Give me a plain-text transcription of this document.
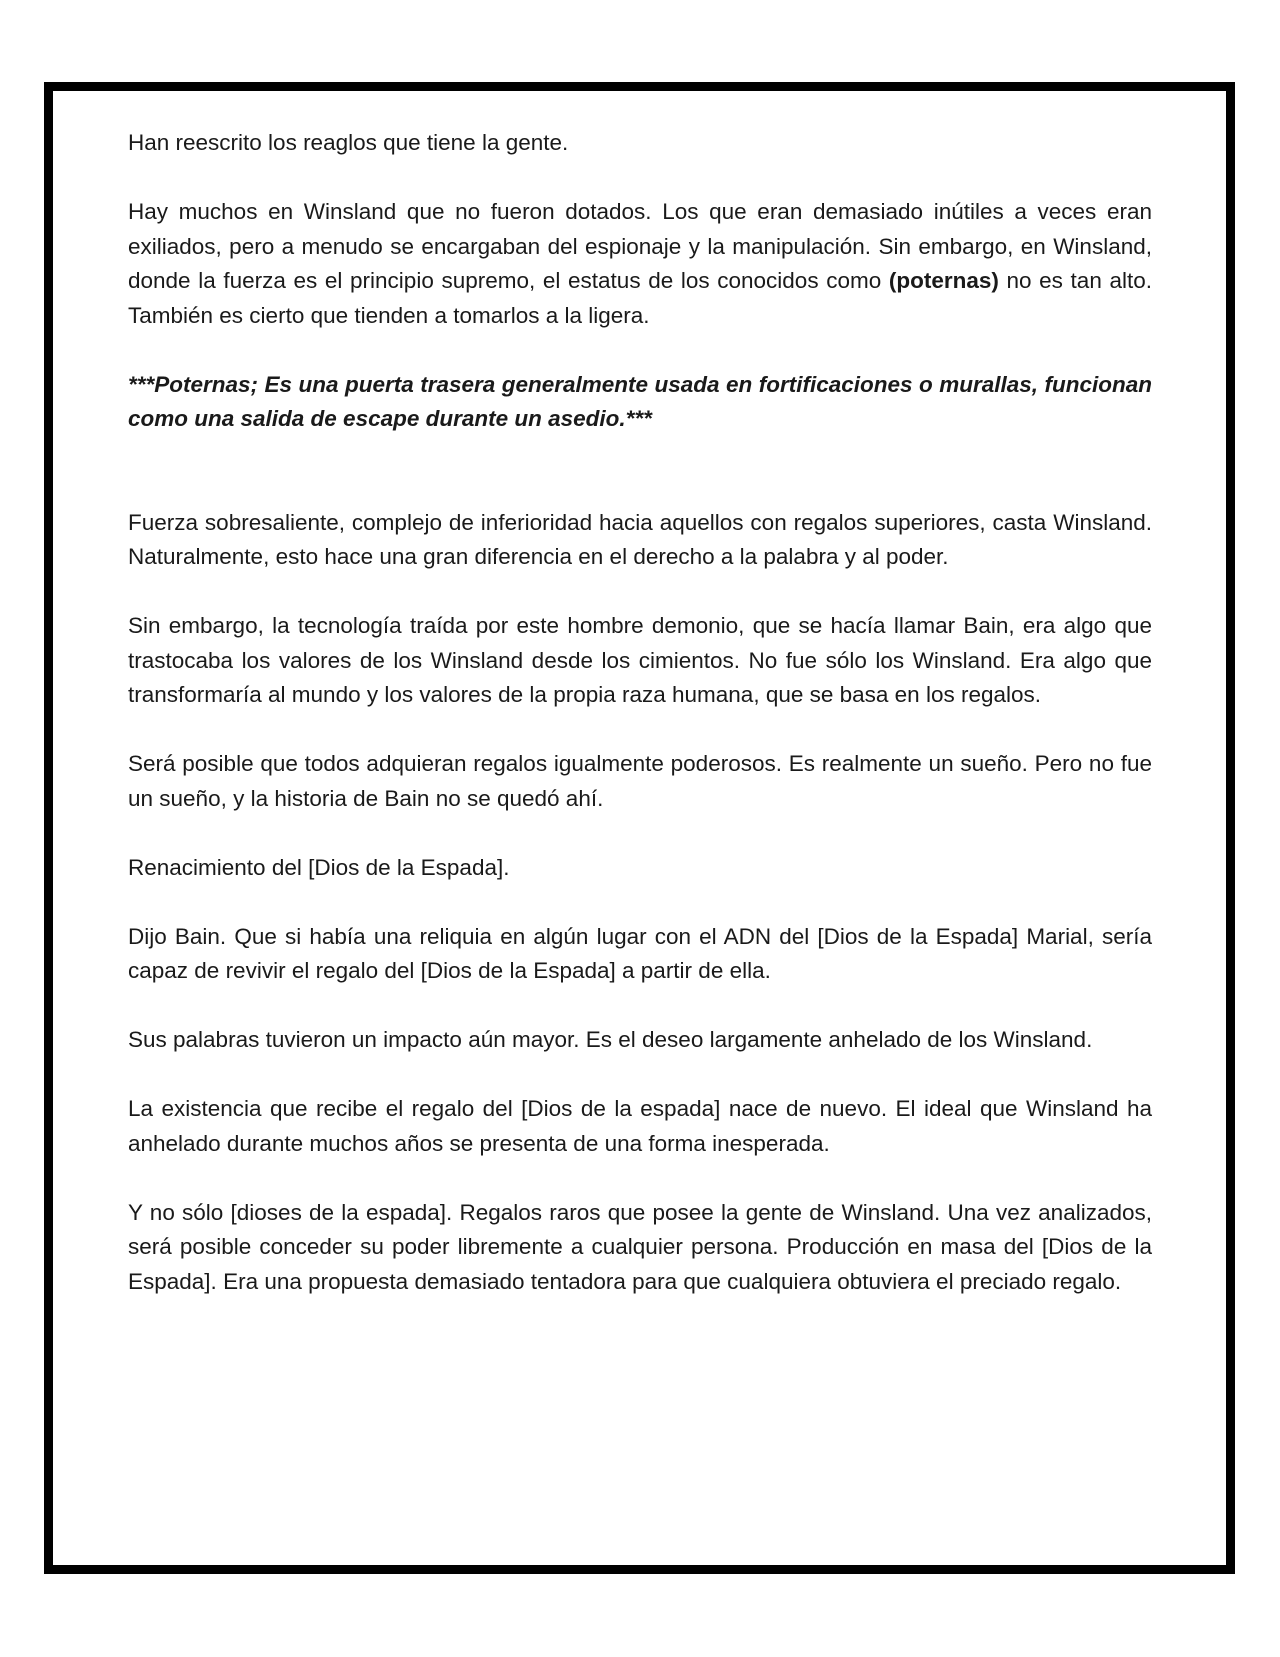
Han reescrito los reaglos que tiene la gente.

Hay muchos en Winsland que no fueron dotados. Los que eran demasiado inútiles a veces eran exiliados, pero a menudo se encargaban del espionaje y la manipulación. Sin embargo, en Winsland, donde la fuerza es el principio supremo, el estatus de los conocidos como (poternas) no es tan alto. También es cierto que tienden a tomarlos a la ligera.

***Poternas; Es una puerta trasera generalmente usada en fortificaciones o murallas, funcionan como una salida de escape durante un asedio.***

Fuerza sobresaliente, complejo de inferioridad hacia aquellos con regalos superiores, casta Winsland. Naturalmente, esto hace una gran diferencia en el derecho a la palabra y al poder.

Sin embargo, la tecnología traída por este hombre demonio, que se hacía llamar Bain, era algo que trastocaba los valores de los Winsland desde los cimientos. No fue sólo los Winsland. Era algo que transformaría al mundo y los valores de la propia raza humana, que se basa en los regalos.

Será posible que todos adquieran regalos igualmente poderosos. Es realmente un sueño. Pero no fue un sueño, y la historia de Bain no se quedó ahí.

Renacimiento del [Dios de la Espada].

Dijo Bain. Que si había una reliquia en algún lugar con el ADN del [Dios de la Espada] Marial, sería capaz de revivir el regalo del [Dios de la Espada] a partir de ella.

Sus palabras tuvieron un impacto aún mayor. Es el deseo largamente anhelado de los Winsland.

La existencia que recibe el regalo del [Dios de la espada] nace de nuevo. El ideal que Winsland ha anhelado durante muchos años se presenta de una forma inesperada.

Y no sólo [dioses de la espada]. Regalos raros que posee la gente de Winsland. Una vez analizados, será posible conceder su poder libremente a cualquier persona. Producción en masa del [Dios de la Espada]. Era una propuesta demasiado tentadora para que cualquiera obtuviera el preciado regalo.
